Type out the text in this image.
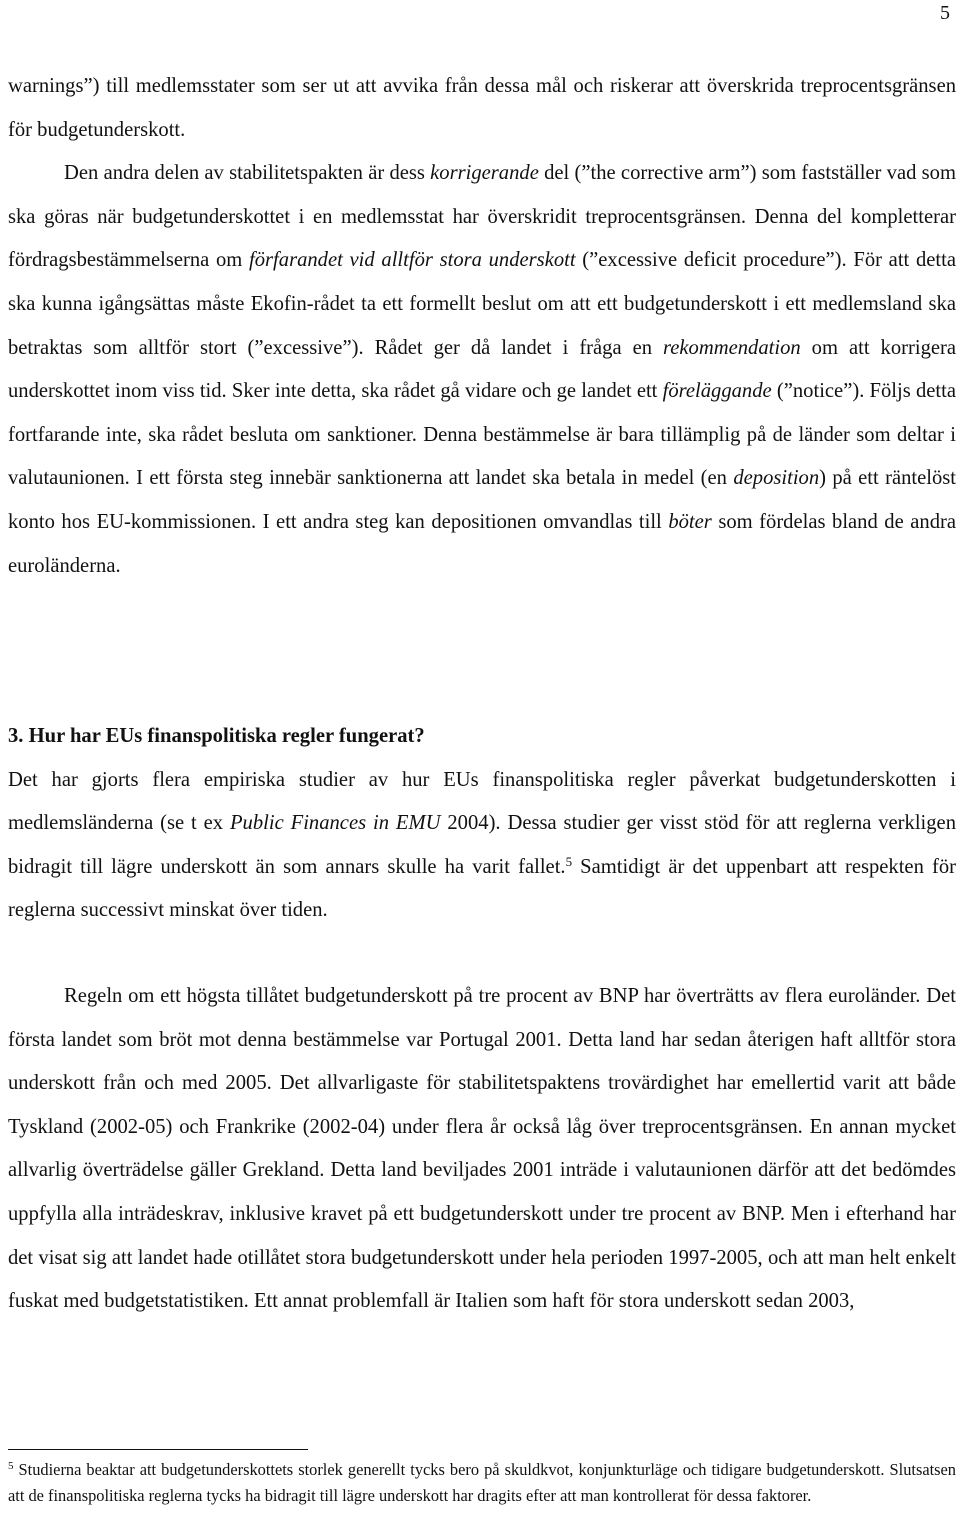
5

warnings”) till medlemsstater som ser ut att avvika från dessa mål och riskerar att överskrida treprocentsgränsen för budgetunderskott.

Den andra delen av stabilitetspakten är dess korrigerande del (”the corrective arm”) som fastställer vad som ska göras när budgetunderskottet i en medlemsstat har överskridit treprocentsgränsen. Denna del kompletterar fördragsbestämmelserna om förfarandet vid alltför stora underskott (”excessive deficit procedure”). För att detta ska kunna igångsättas måste Ekofin-rådet ta ett formellt beslut om att ett budgetunderskott i ett medlemsland ska betraktas som alltför stort (”excessive”). Rådet ger då landet i fråga en rekommendation om att korrigera underskottet inom viss tid. Sker inte detta, ska rådet gå vidare och ge landet ett föreläggande (”notice”). Följs detta fortfarande inte, ska rådet besluta om sanktioner. Denna bestämmelse är bara tillämplig på de länder som deltar i valutaunionen. I ett första steg innebär sanktionerna att landet ska betala in medel (en deposition) på ett räntelöst konto hos EU-kommissionen. I ett andra steg kan depositionen omvandlas till böter som fördelas bland de andra euroländerna.

3. Hur har EUs finanspolitiska regler fungerat?

Det har gjorts flera empiriska studier av hur EUs finanspolitiska regler påverkat budgetunderskotten i medlemsländerna (se t ex Public Finances in EMU 2004). Dessa studier ger visst stöd för att reglerna verkligen bidragit till lägre underskott än som annars skulle ha varit fallet.$^5$ Samtidigt är det uppenbart att respekten för reglerna successivt minskat över tiden.

Regeln om ett högsta tillåtet budgetunderskott på tre procent av BNP har överträtts av flera euroländer. Det första landet som bröt mot denna bestämmelse var Portugal 2001. Detta land har sedan återigen haft alltför stora underskott från och med 2005. Det allvarligaste för stabilitetspaktens trovärdighet har emellertid varit att både Tyskland (2002-05) och Frankrike (2002-04) under flera år också låg över treprocentsgränsen. En annan mycket allvarlig överträdelse gäller Grekland. Detta land beviljades 2001 inträde i valutaunionen därför att det bedömdes uppfylla alla inträdeskrav, inklusive kravet på ett budgetunderskott under tre procent av BNP. Men i efterhand har det visat sig att landet hade otillåtet stora budgetunderskott under hela perioden 1997-2005, och att man helt enkelt fuskat med budgetstatistiken. Ett annat problemfall är Italien som haft för stora underskott sedan 2003,

$^5$ Studierna beaktar att budgetunderskottets storlek generellt tycks bero på skuldkvot, konjunkturläge och tidigare budgetunderskott. Slutsatsen att de finanspolitiska reglerna tycks ha bidragit till lägre underskott har dragits efter att man kontrollerat för dessa faktorer.
